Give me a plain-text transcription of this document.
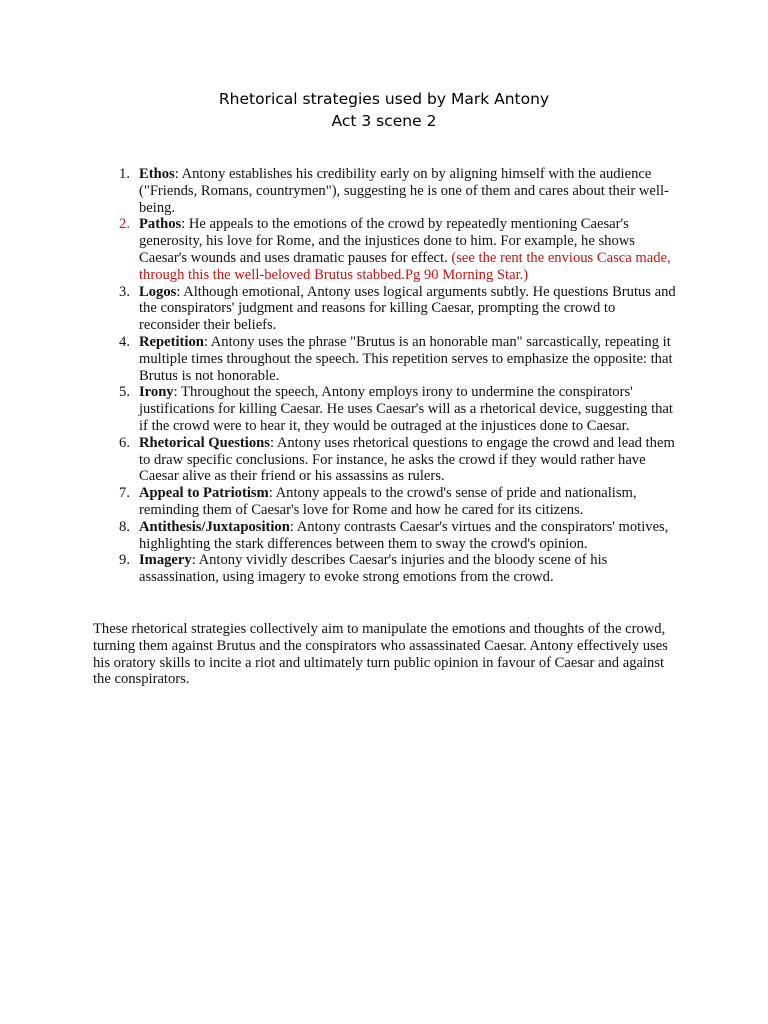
Rhetorical strategies used by Mark Antony
Act 3 scene 2
1. Ethos: Antony establishes his credibility early on by aligning himself with the audience ("Friends, Romans, countrymen"), suggesting he is one of them and cares about their well-being.
2. Pathos: He appeals to the emotions of the crowd by repeatedly mentioning Caesar's generosity, his love for Rome, and the injustices done to him. For example, he shows Caesar's wounds and uses dramatic pauses for effect. (see the rent the envious Casca made, through this the well-beloved Brutus stabbed.Pg 90 Morning Star.)
3. Logos: Although emotional, Antony uses logical arguments subtly. He questions Brutus and the conspirators' judgment and reasons for killing Caesar, prompting the crowd to reconsider their beliefs.
4. Repetition: Antony uses the phrase "Brutus is an honorable man" sarcastically, repeating it multiple times throughout the speech. This repetition serves to emphasize the opposite: that Brutus is not honorable.
5. Irony: Throughout the speech, Antony employs irony to undermine the conspirators' justifications for killing Caesar. He uses Caesar's will as a rhetorical device, suggesting that if the crowd were to hear it, they would be outraged at the injustices done to Caesar.
6. Rhetorical Questions: Antony uses rhetorical questions to engage the crowd and lead them to draw specific conclusions. For instance, he asks the crowd if they would rather have Caesar alive as their friend or his assassins as rulers.
7. Appeal to Patriotism: Antony appeals to the crowd's sense of pride and nationalism, reminding them of Caesar's love for Rome and how he cared for its citizens.
8. Antithesis/Juxtaposition: Antony contrasts Caesar's virtues and the conspirators' motives, highlighting the stark differences between them to sway the crowd's opinion.
9. Imagery: Antony vividly describes Caesar's injuries and the bloody scene of his assassination, using imagery to evoke strong emotions from the crowd.

These rhetorical strategies collectively aim to manipulate the emotions and thoughts of the crowd, turning them against Brutus and the conspirators who assassinated Caesar. Antony effectively uses his oratory skills to incite a riot and ultimately turn public opinion in favour of Caesar and against the conspirators.
